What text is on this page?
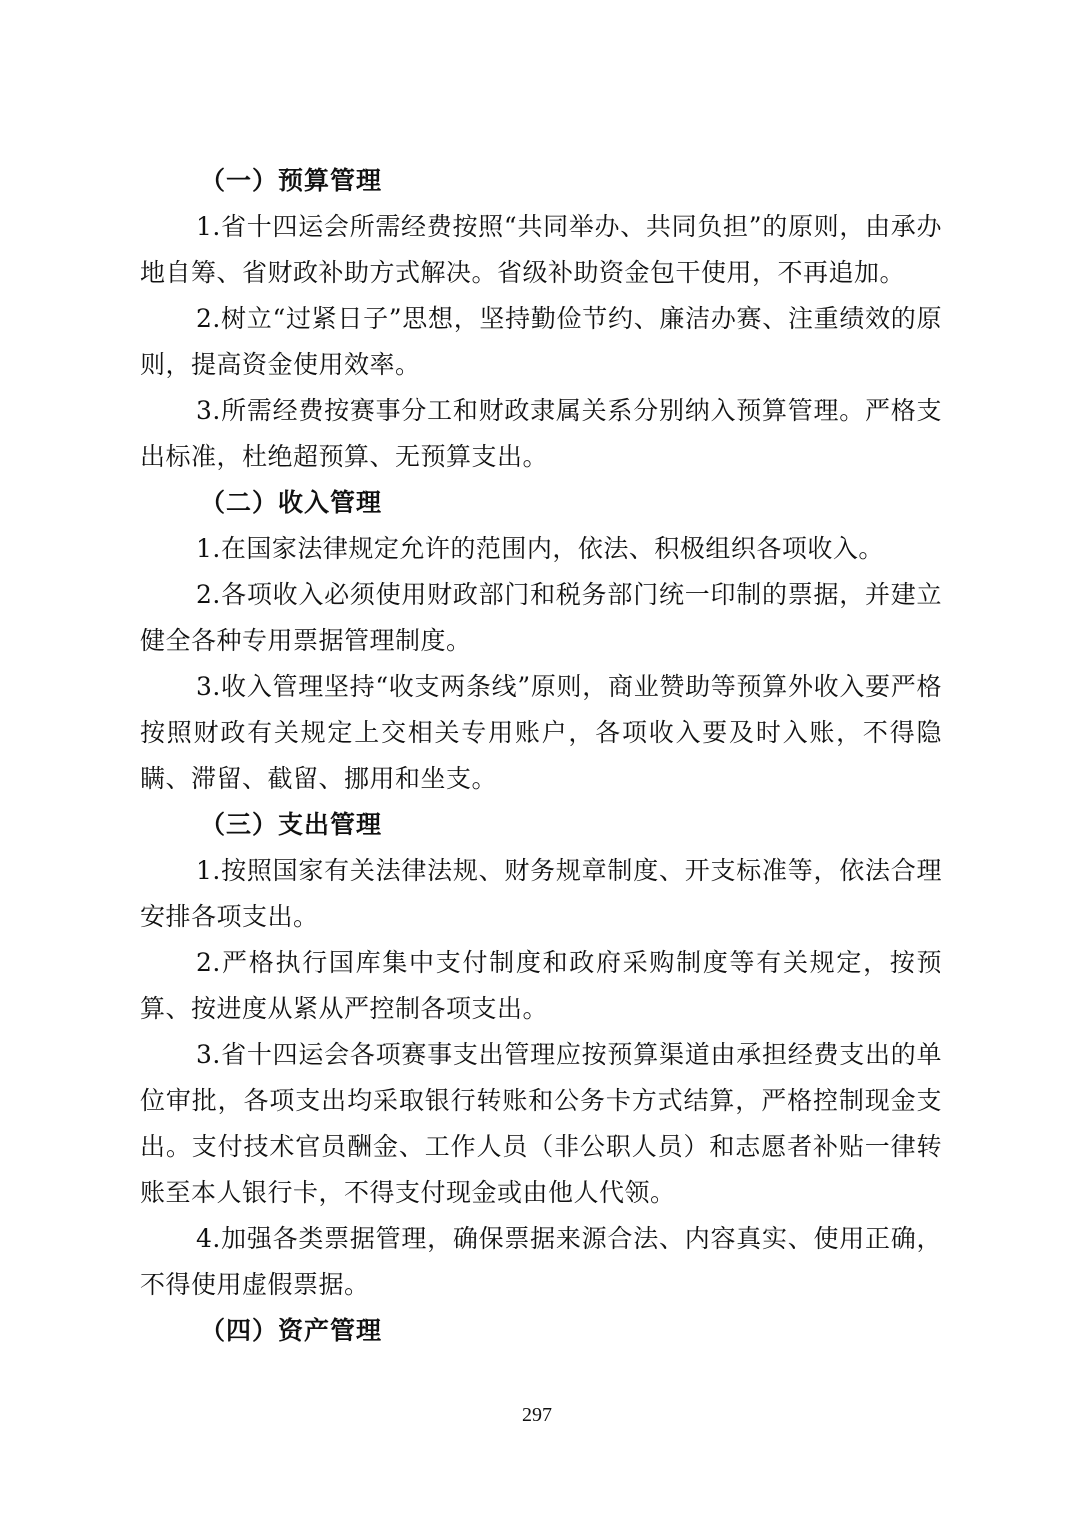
（一）预算管理

1.省十四运会所需经费按照“共同举办、共同负担”的原则，由承办地自筹、省财政补助方式解决。省级补助资金包干使用，不再追加。

2.树立“过紧日子”思想，坚持勤俭节约、廉洁办赛、注重绩效的原则，提高资金使用效率。

3.所需经费按赛事分工和财政隶属关系分别纳入预算管理。严格支出标准，杜绝超预算、无预算支出。

（二）收入管理

1.在国家法律规定允许的范围内，依法、积极组织各项收入。

2.各项收入必须使用财政部门和税务部门统一印制的票据，并建立健全各种专用票据管理制度。

3.收入管理坚持“收支两条线”原则，商业赞助等预算外收入要严格按照财政有关规定上交相关专用账户，各项收入要及时入账，不得隐瞒、滞留、截留、挪用和坐支。

（三）支出管理

1.按照国家有关法律法规、财务规章制度、开支标准等，依法合理安排各项支出。

2.严格执行国库集中支付制度和政府采购制度等有关规定，按预算、按进度从紧从严控制各项支出。

3.省十四运会各项赛事支出管理应按预算渠道由承担经费支出的单位审批，各项支出均采取银行转账和公务卡方式结算，严格控制现金支出。支付技术官员酬金、工作人员（非公职人员）和志愿者补贴一律转账至本人银行卡，不得支付现金或由他人代领。

4.加强各类票据管理，确保票据来源合法、内容真实、使用正确，不得使用虚假票据。

（四）资产管理
297
